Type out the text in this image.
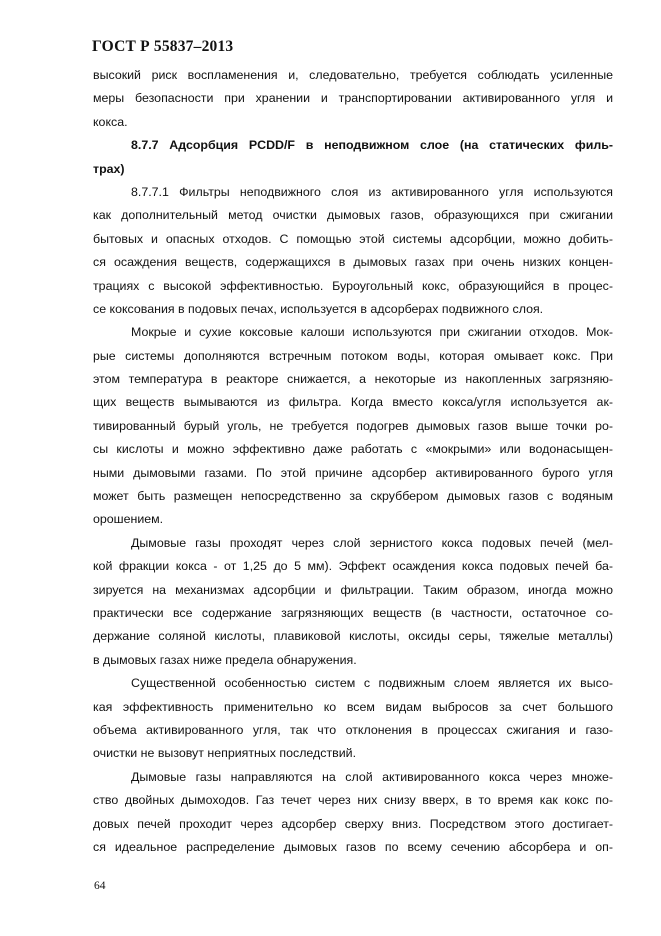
ГОСТ Р 55837–2013
высокий риск воспламенения и, следовательно, требуется соблюдать усиленные
меры безопасности при хранении и транспортировании активированного угля и
кокса.
8.7.7 Адсорбция PCDD/F в неподвижном слое (на статических филь-
трах)
8.7.7.1 Фильтры неподвижного слоя из активированного угля используются
как дополнительный метод очистки дымовых газов, образующихся при сжигании
бытовых и опасных отходов. С помощью этой системы адсорбции, можно добить-
ся осаждения веществ, содержащихся в дымовых газах при очень низких концен-
трациях с высокой эффективностью. Буроугольный кокс, образующийся в процес-
се коксования в подовых печах, используется в адсорберах подвижного слоя.
Мокрые и сухие коксовые калоши используются при сжигании отходов. Мок-
рые системы дополняются встречным потоком воды, которая омывает кокс. При
этом температура в реакторе снижается, а некоторые из накопленных загрязняю-
щих веществ вымываются из фильтра. Когда вместо кокса/угля используется ак-
тивированный бурый уголь, не требуется подогрев дымовых газов выше точки ро-
сы кислоты и можно эффективно даже работать с «мокрыми» или водонасыщен-
ными дымовыми газами. По этой причине адсорбер активированного бурого угля
может быть размещен непосредственно за скруббером дымовых газов с водяным
орошением.
Дымовые газы проходят через слой зернистого кокса подовых печей (мел-
кой фракции кокса - от 1,25 до 5 мм). Эффект осаждения кокса подовых печей ба-
зируется на механизмах адсорбции и фильтрации. Таким образом, иногда можно
практически все содержание загрязняющих веществ (в частности, остаточное со-
держание соляной кислоты, плавиковой кислоты, оксиды серы, тяжелые металлы)
в дымовых газах ниже предела обнаружения.
Существенной особенностью систем с подвижным слоем является их высо-
кая эффективность применительно ко всем видам выбросов за счет большого
объема активированного угля, так что отклонения в процессах сжигания и газо-
очистки не вызовут неприятных последствий.
Дымовые газы направляются на слой активированного кокса через множе-
ство двойных дымоходов. Газ течет через них снизу вверх, в то время как кокс по-
довых печей проходит через адсорбер сверху вниз. Посредством этого достигает-
ся идеальное распределение дымовых газов по всему сечению абсорбера и оп-
64
